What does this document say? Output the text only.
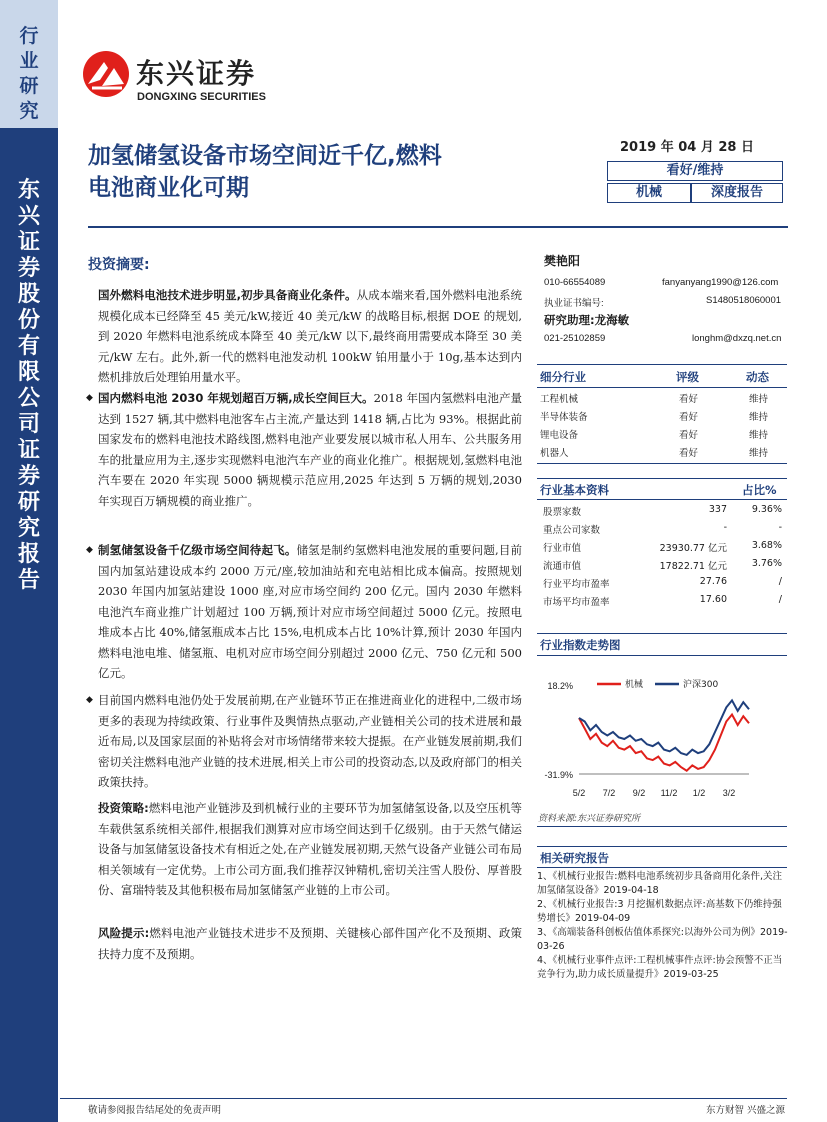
行
业
研
究
东
兴
证
券
股
份
有
限
公
司
证
券
研
究
报
告
东兴证券
DONGXING SECURITIES
加氢储氢设备市场空间近千亿,燃料
电池商业化可期
2019 年 04 月 28 日
看好/维持
机械	深度报告
投资摘要:
国外燃料电池技术进步明显,初步具备商业化条件。从成本端来看,国外燃料电池系统规模化成本已经降至 45 美元/kW,接近 40 美元/kW 的战略目标,根据 DOE 的规划,到 2020 年燃料电池系统成本降至 40 美元/kW 以下,最终商用需要成本降至 30 美元/kW 左右。此外,新一代的燃料电池发动机 100kW 铂用量小于 10g,基本达到内燃机排放后处理铂用量水平。
◆ 国内燃料电池 2030 年规划超百万辆,成长空间巨大。2018 年国内氢燃料电池产量达到 1527 辆,其中燃料电池客车占主流,产量达到 1418 辆,占比为 93%。根据此前国家发布的燃料电池技术路线图,燃料电池产业要发展以城市私人用车、公共服务用车的批量应用为主,逐步实现燃料电池汽车产业的商业化推广。根据规划,氢燃料电池汽车要在 2020 年实现 5000 辆规模示范应用,2025 年达到 5 万辆的规划,2030 年实现百万辆规模的商业推广。
◆ 制氢储氢设备千亿级市场空间待起飞。储氢是制约氢燃料电池发展的重要问题,目前国内加氢站建设成本约 2000 万元/座,较加油站和充电站相比成本偏高。按照规划 2030 年国内加氢站建设 1000 座,对应市场空间约 200 亿元。国内 2030 年燃料电池汽车商业推广计划超过 100 万辆,预计对应市场空间超过 5000 亿元。按照电堆成本占比 40%,储氢瓶成本占比 15%,电机成本占比 10%计算,预计 2030 年国内燃料电池电堆、储氢瓶、电机对应市场空间分别超过 2000 亿元、750 亿元和 500 亿元。
◆ 目前国内燃料电池仍处于发展前期,在产业链环节正在推进商业化的进程中,二级市场更多的表现为持续政策、行业事件及舆情热点驱动,产业链相关公司的技术进展和最近布局,以及国家层面的补贴将会对市场情绪带来较大提振。在产业链发展前期,我们密切关注燃料电池产业链的技术进展,相关上市公司的投资动态,以及政府部门的相关政策扶持。
投资策略:燃料电池产业链涉及到机械行业的主要环节为加氢储氢设备,以及空压机等车载供氢系统相关部件,根据我们测算对应市场空间达到千亿级别。由于天然气储运设备与加氢储氢设备技术有相近之处,在产业链发展初期,天然气设备产业链公司布局相关领域有一定优势。上市公司方面,我们推荐汉钟精机,密切关注雪人股份、厚普股份、富瑞特装及其他积极布局加氢储氢产业链的上市公司。
风险提示:燃料电池产业链技术进步不及预期、关键核心部件国产化不及预期、政策扶持力度不及预期。
樊艳阳
010-66554089	fanyanyang1990@126.com
执业证书编号:	S1480518060001
研究助理:龙海敏
021-25102859	longhm@dxzq.net.cn
细分行业	评级	动态
工程机械	看好	维持
半导体装备	看好	维持
锂电设备	看好	维持
机器人	看好	维持
行业基本资料	占比%
股票家数	337	9.36%
重点公司家数	-	-
行业市值	23930.77 亿元	3.68%
流通市值	17822.71 亿元	3.76%
行业平均市盈率	27.76	/
市场平均市盈率	17.60	/
行业指数走势图
18.2%
-31.9%
5/2 7/2 9/2 11/2 1/2 3/2
机械	沪深300
资料来源:东兴证券研究所
相关研究报告
1、《机械行业报告:燃料电池系统初步具备商用化条件,关注加氢储氢设备》2019-04-18
2、《机械行业报告:3 月挖掘机数据点评:高基数下仍维持强势增长》2019-04-09
3、《高端装备科创板估值体系探究:以海外公司为例》2019-03-26
4、《机械行业事件点评:工程机械事件点评:协会预警不正当竞争行为,助力成长质量提升》2019-03-25
敬请参阅报告结尾处的免责声明	东方财智 兴盛之源
